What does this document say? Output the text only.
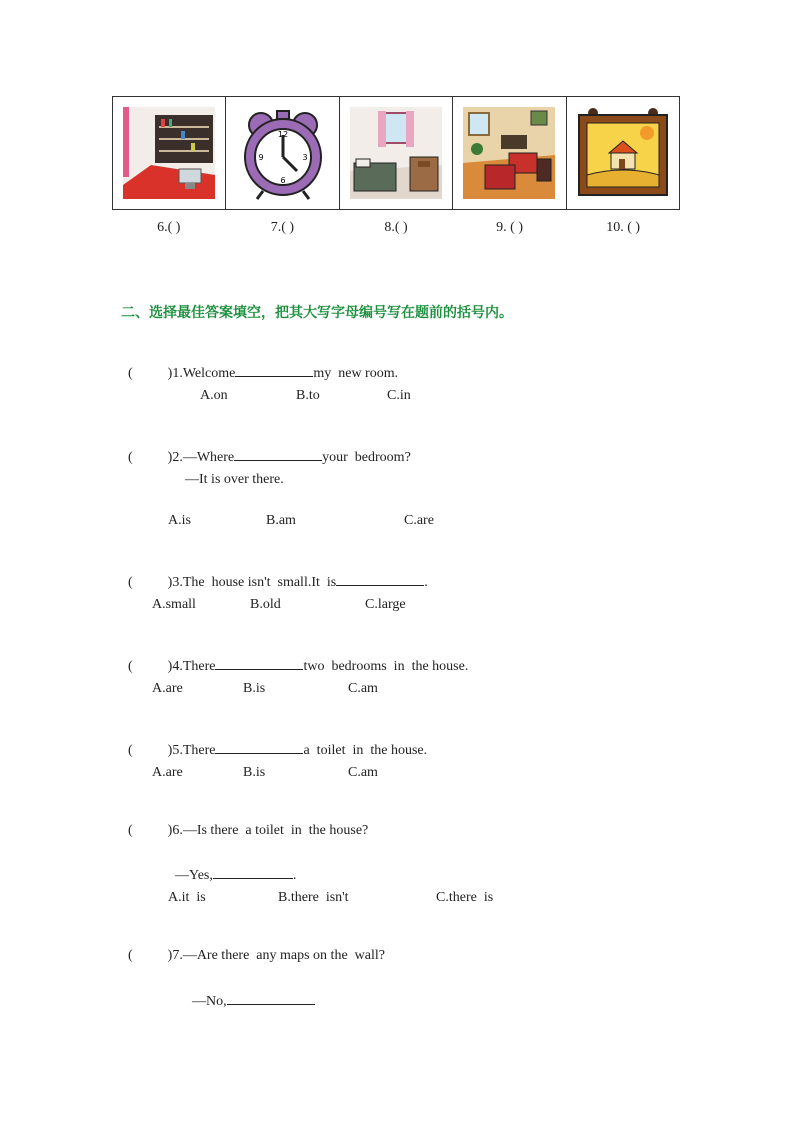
12
3
6
9
6.( )	7.( )	8.( )	9. ( )	10. ( )
二、选择最佳答案填空，把其大写字母编号写在题前的括号内。

(          )1.Welcome	my  new room.

A.on	B.to	C.in

(          )2.—Where	your  bedroom?

—It is over there.
A.is	B.am	C.are

(          )3.The  house isn't  small.It  is	.

A.small	B.old	C.large

(          )4.There	two  bedrooms  in  the house.

A.are	B.is	C.am

(          )5.There	a  toilet  in  the house.

A.are	B.is	C.am

(          )6.—Is there  a toilet  in  the house?

—Yes,	.

A.it  is	B.there  isn't	C.there  is

(          )7.—Are there  any maps on the  wall?

—No,
